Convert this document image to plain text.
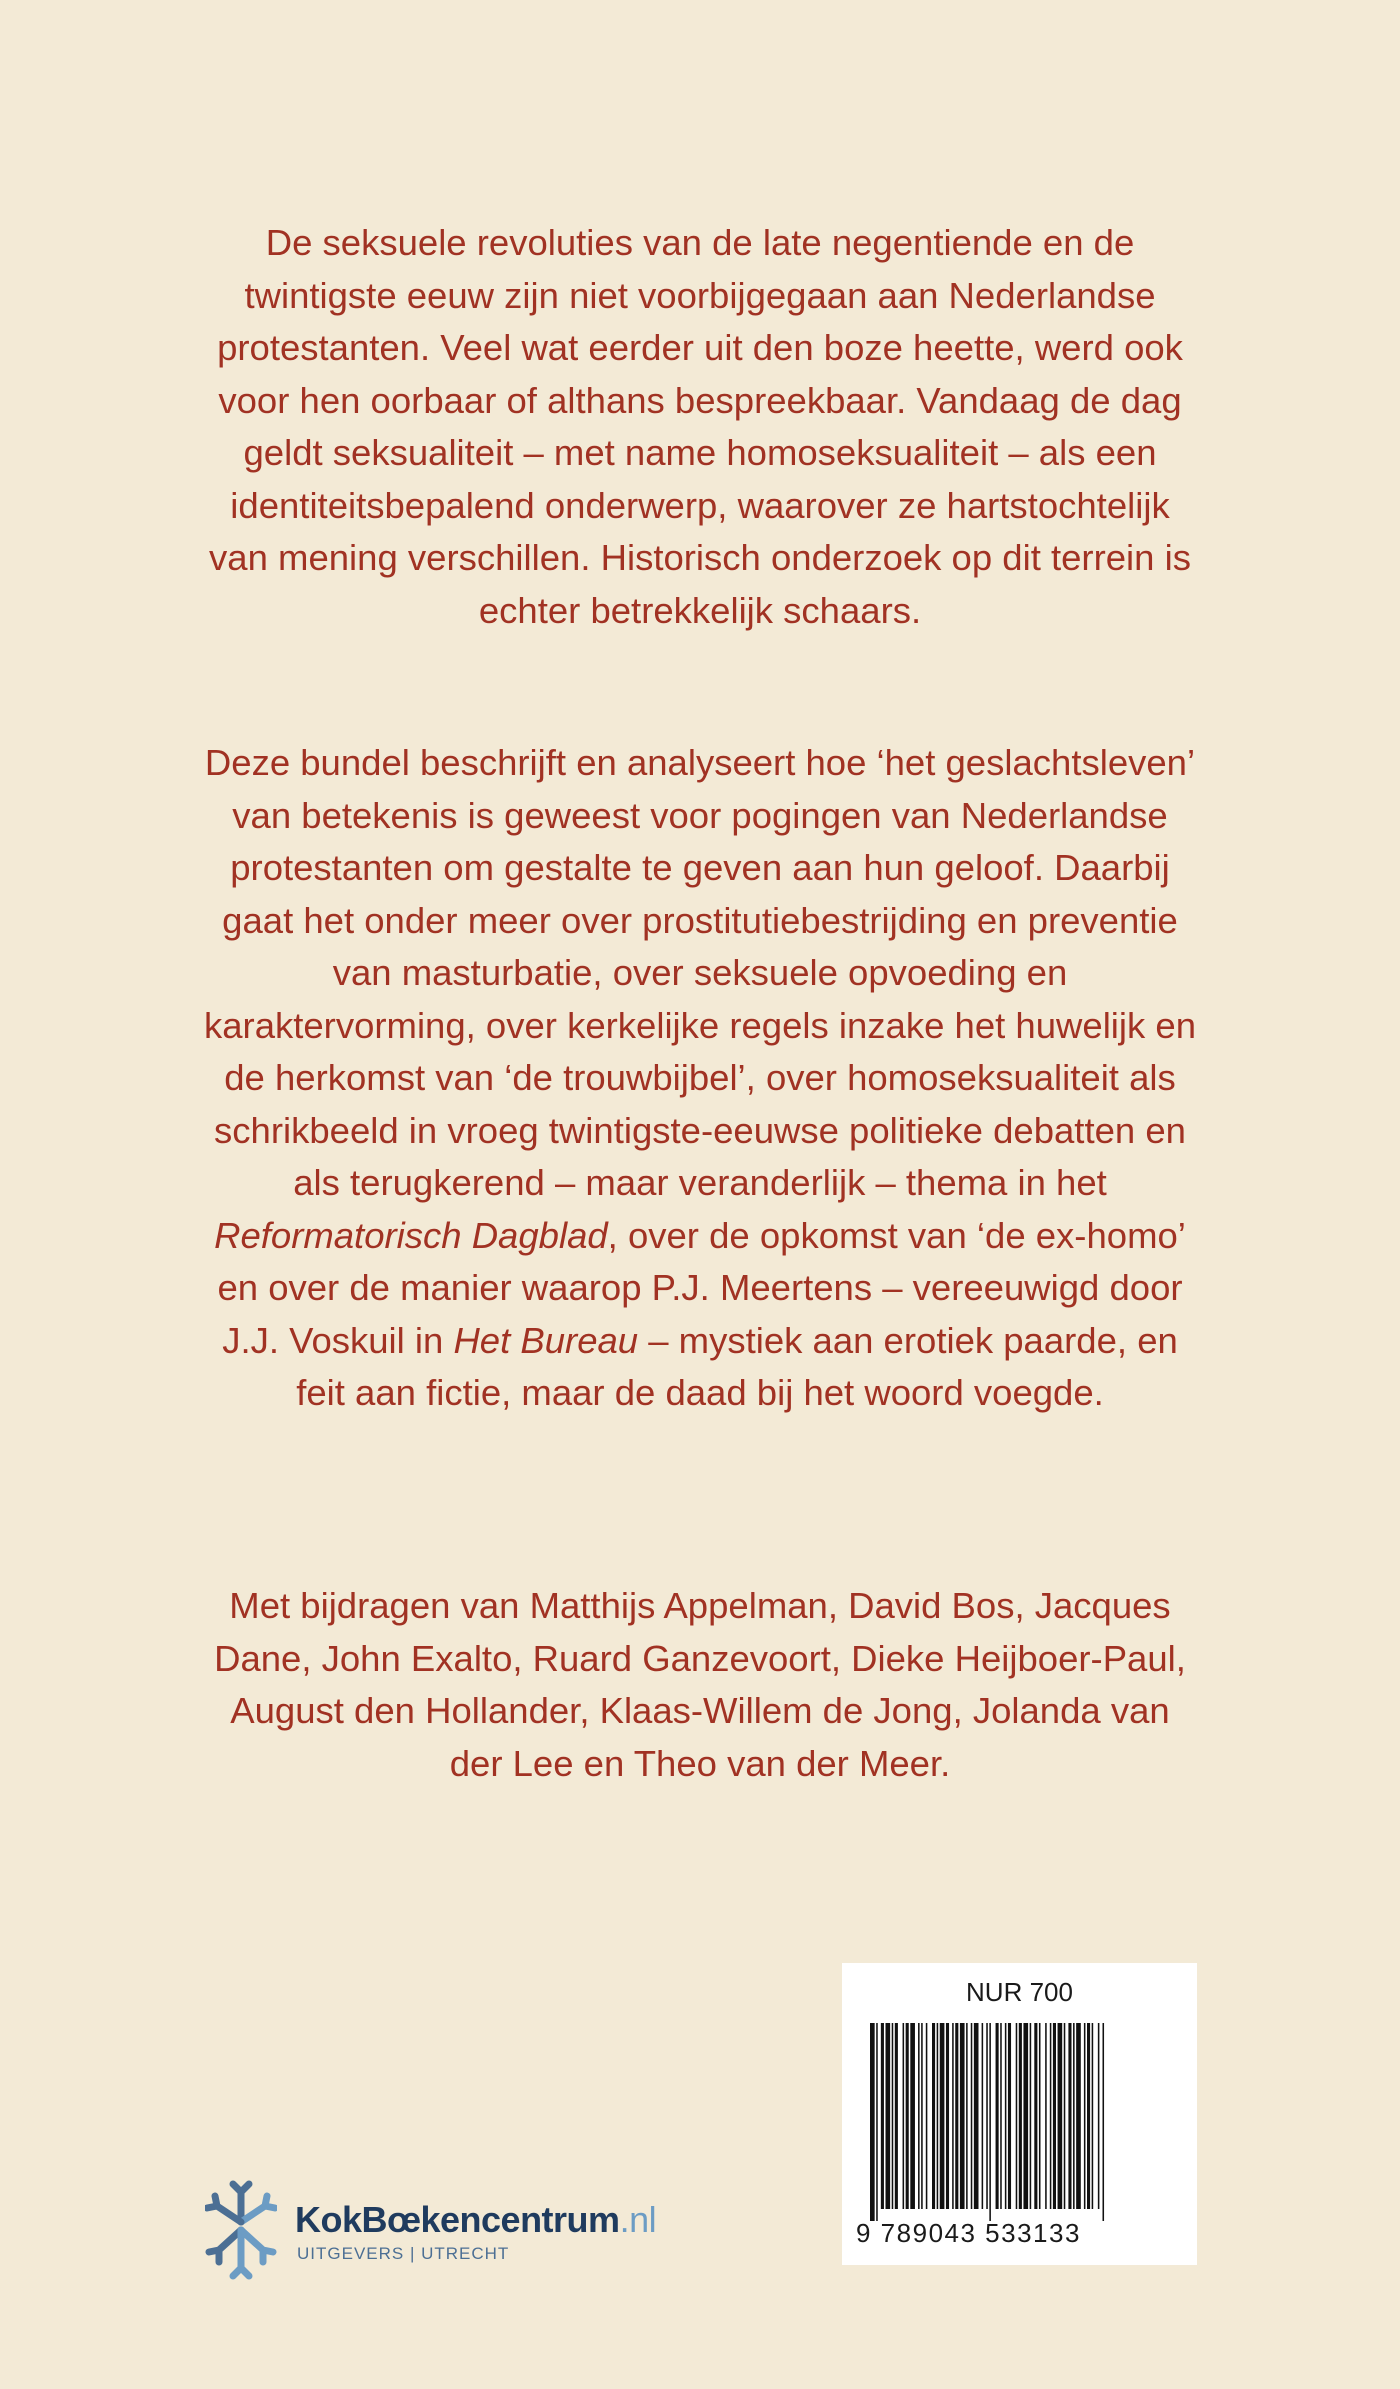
De seksuele revoluties van de late negentiende en de twintigste eeuw zijn niet voorbijgegaan aan Nederlandse protestanten. Veel wat eerder uit den boze heette, werd ook voor hen oorbaar of althans bespreekbaar. Vandaag de dag geldt seksualiteit – met name homoseksualiteit – als een identiteitsbepalend onderwerp, waarover ze hartstochtelijk van mening verschillen. Historisch onderzoek op dit terrein is echter betrekkelijk schaars.

Deze bundel beschrijft en analyseert hoe ‘het geslachtsleven’ van betekenis is geweest voor pogingen van Nederlandse protestanten om gestalte te geven aan hun geloof. Daarbij gaat het onder meer over prostitutiebestrijding en preventie van masturbatie, over seksuele opvoeding en karaktervorming, over kerkelijke regels inzake het huwelijk en de herkomst van ‘de trouwbijbel’, over homoseksualiteit als schrikbeeld in vroeg twintigste-eeuwse politieke debatten en als terugkerend – maar veranderlijk – thema in het Reformatorisch Dagblad, over de opkomst van ‘de ex-homo’ en over de manier waarop P.J. Meertens – vereeuwigd door J.J. Voskuil in Het Bureau – mystiek aan erotiek paarde, en feit aan fictie, maar de daad bij het woord voegde.

Met bijdragen van Matthijs Appelman, David Bos, Jacques Dane, John Exalto, Ruard Ganzevoort, Dieke Heijboer-Paul, August den Hollander, Klaas-Willem de Jong, Jolanda van der Lee en Theo van der Meer.

KokBœkencentrum.nl
UITGEVERS | UTRECHT
NUR 700
9 789043 533133
